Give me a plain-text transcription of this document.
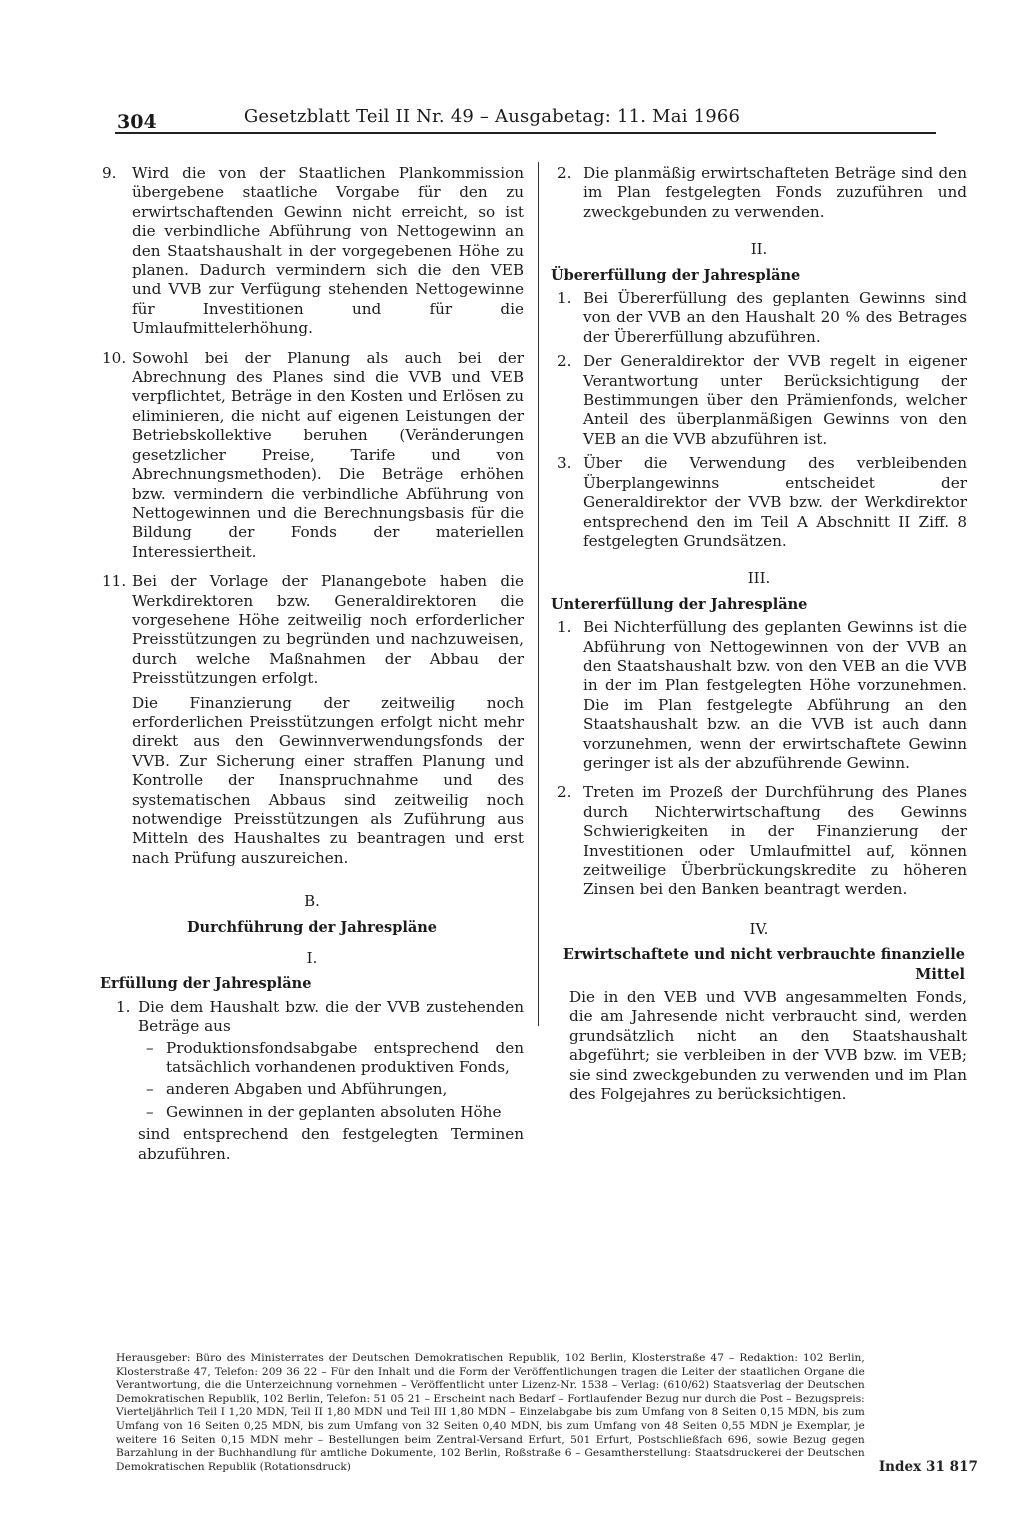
304	Gesetzblatt Teil II Nr. 49 – Ausgabetag: 11. Mai 1966

9.	Wird die von der Staatlichen Plankommission übergebene staatliche Vorgabe für den zu erwirtschaftenden Gewinn nicht erreicht, so ist die verbindliche Abführung von Nettogewinn an den Staatshaushalt in der vorgegebenen Höhe zu planen. Dadurch vermindern sich die den VEB und VVB zur Verfügung stehenden Nettogewinne für Investitionen und für die Umlaufmittelerhöhung.

10. Sowohl bei der Planung als auch bei der Abrechnung des Planes sind die VVB und VEB verpflichtet, Beträge in den Kosten und Erlösen zu eliminieren, die nicht auf eigenen Leistungen der Betriebskollektive beruhen (Veränderungen gesetzlicher Preise, Tarife und von Abrechnungsmethoden). Die Beträge erhöhen bzw. vermindern die verbindliche Abführung von Nettogewinnen und die Berechnungsbasis für die Bildung der Fonds der materiellen Interessiertheit.

11. Bei der Vorlage der Planangebote haben die Werkdirektoren bzw. Generaldirektoren die vorgesehene Höhe zeitweilig noch erforderlicher Preisstützungen zu begründen und nachzuweisen, durch welche Maßnahmen der Abbau der Preisstützungen erfolgt.

Die Finanzierung der zeitweilig noch erforderlichen Preisstützungen erfolgt nicht mehr direkt aus den Gewinnverwendungsfonds der VVB. Zur Sicherung einer straffen Planung und Kontrolle der Inanspruchnahme und des systematischen Abbaus sind zeitweilig noch notwendige Preisstützungen als Zuführung aus Mitteln des Haushaltes zu beantragen und erst nach Prüfung auszureichen.

B.

Durchführung der Jahrespläne

I.

Erfüllung der Jahrespläne

1. Die dem Haushalt bzw. die der VVB zustehenden Beträge aus

– Produktionsfondsabgabe entsprechend den tatsächlich vorhandenen produktiven Fonds,
– anderen Abgaben und Abführungen,
– Gewinnen in der geplanten absoluten Höhe

sind entsprechend den festgelegten Terminen abzuführen.

2. Die planmäßig erwirtschafteten Beträge sind den im Plan festgelegten Fonds zuzuführen und zweckgebunden zu verwenden.

II.

Übererfüllung der Jahrespläne

1. Bei Übererfüllung des geplanten Gewinns sind von der VVB an den Haushalt 20 % des Betrages der Übererfüllung abzuführen.

2. Der Generaldirektor der VVB regelt in eigener Verantwortung unter Berücksichtigung der Bestimmungen über den Prämienfonds, welcher Anteil des überplanmäßigen Gewinns von den VEB an die VVB abzuführen ist.

3. Über die Verwendung des verbleibenden Überplangewinns entscheidet der Generaldirektor der VVB bzw. der Werkdirektor entsprechend den im Teil A Abschnitt II Ziff. 8 festgelegten Grundsätzen.

III.

Untererfüllung der Jahrespläne

1. Bei Nichterfüllung des geplanten Gewinns ist die Abführung von Nettogewinnen von der VVB an den Staatshaushalt bzw. von den VEB an die VVB in der im Plan festgelegten Höhe vorzunehmen. Die im Plan festgelegte Abführung an den Staatshaushalt bzw. an die VVB ist auch dann vorzunehmen, wenn der erwirtschaftete Gewinn geringer ist als der abzuführende Gewinn.

2. Treten im Prozeß der Durchführung des Planes durch Nichterwirtschaftung des Gewinns Schwierigkeiten in der Finanzierung der Investitionen oder Umlaufmittel auf, können zeitweilige Überbrückungskredite zu höheren Zinsen bei den Banken beantragt werden.

IV.

Erwirtschaftete und nicht verbrauchte finanzielle Mittel

Die in den VEB und VVB angesammelten Fonds, die am Jahresende nicht verbraucht sind, werden grundsätzlich nicht an den Staatshaushalt abgeführt; sie verbleiben in der VVB bzw. im VEB; sie sind zweckgebunden zu verwenden und im Plan des Folgejahres zu berücksichtigen.

Herausgeber: Büro des Ministerrates der Deutschen Demokratischen Republik, 102 Berlin, Klosterstraße 47 – Redaktion: 102 Berlin, Klosterstraße 47, Telefon: 209 36 22 – Für den Inhalt und die Form der Veröffentlichungen tragen die Leiter der staatlichen Organe die Verantwortung, die die Unterzeichnung vornehmen – Veröffentlicht unter Lizenz-Nr. 1538 – Verlag: (610/62) Staatsverlag der Deutschen Demokratischen Republik, 102 Berlin, Telefon: 51 05 21 – Erscheint nach Bedarf – Fortlaufender Bezug nur durch die Post – Bezugspreis: Vierteljährlich Teil I 1,20 MDN, Teil II 1,80 MDN und Teil III 1,80 MDN – Einzelabgabe bis zum Umfang von 8 Seiten 0,15 MDN, bis zum Umfang von 16 Seiten 0,25 MDN, bis zum Umfang von 32 Seiten 0,40 MDN, bis zum Umfang von 48 Seiten 0,55 MDN je Exemplar, je weitere 16 Seiten 0,15 MDN mehr – Bestellungen beim Zentral-Versand Erfurt, 501 Erfurt, Postschließfach 696, sowie Bezug gegen Barzahlung in der Buchhandlung für amtliche Dokumente, 102 Berlin, Roßstraße 6 – Gesamtherstellung: Staatsdruckerei der Deutschen Demokratischen Republik (Rotationsdruck)	Index 31 817
